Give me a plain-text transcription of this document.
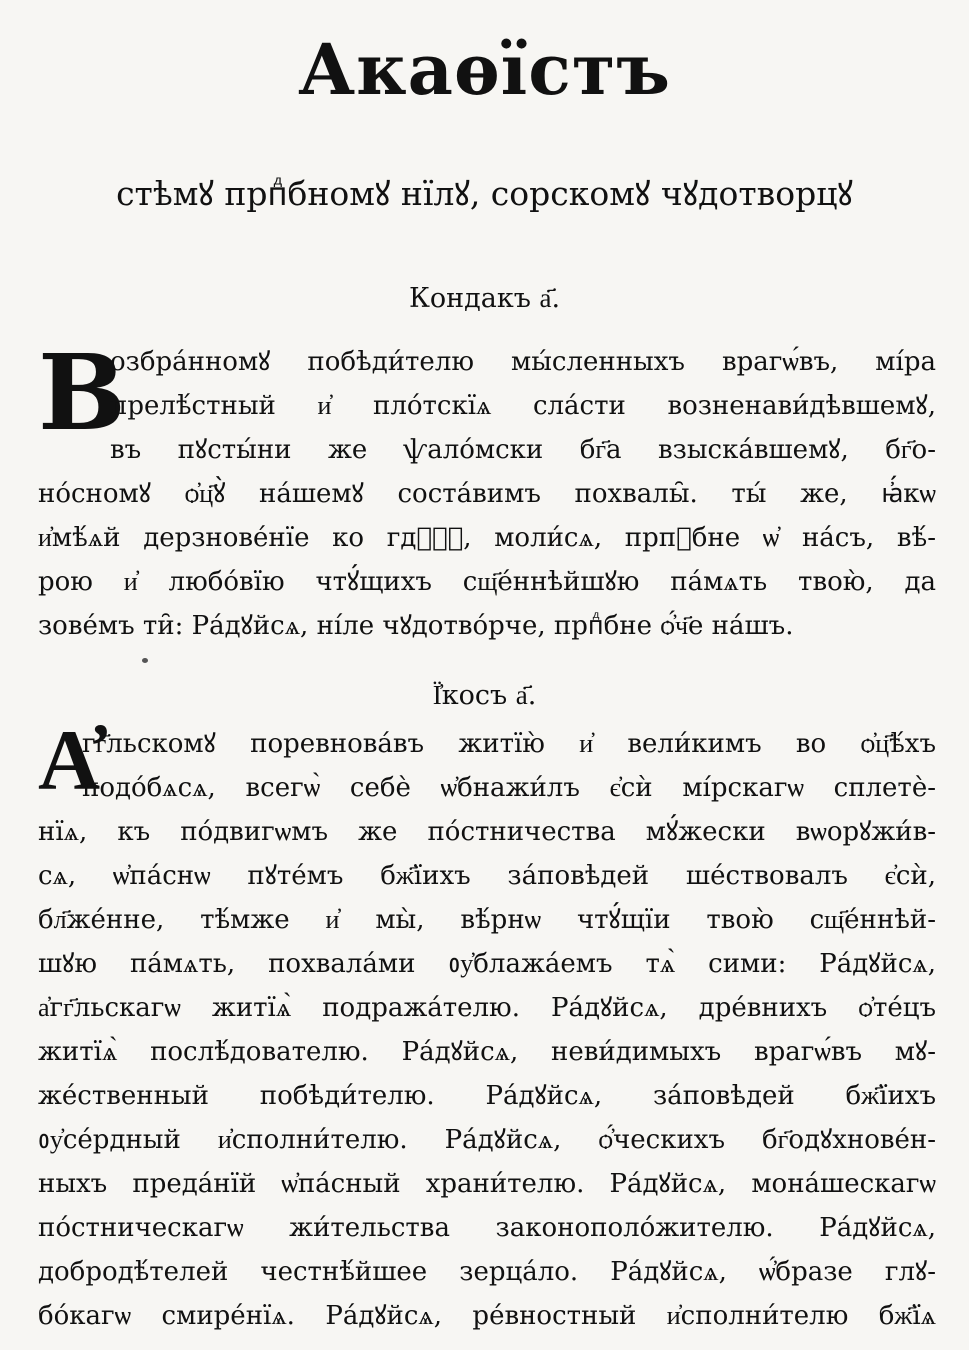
Акаѳїстъ
стѣмꙋ прпⷣбномꙋ нїлꙋ, сорскомꙋ чꙋдотворцꙋ
Кондакъ а҃.
В
озбра́нномꙋ побѣди́телю мы́сленныхъ врагѡ́въ, мі́ра
прелѣ́стный и҆ пло́тскїѧ сла́сти возненави́дѣвшемꙋ,
въ пꙋсты́ни же ѱало́мски бг҃а взыска́вшемꙋ, бг҃о-
но́сномꙋ ѻ҆ц҃ꙋ̀ на́шемꙋ соста́вимъ похвалы̑. ты́ же, ꙗ҆́кѡ
и҆мѣ́ѧй дерзнове́нїе ко гдⷭ҇ꙋ, моли́сѧ, прпⷣбне ѡ҆ на́съ, вѣ́-
рою и҆ любо́вїю чтꙋ́щихъ сщ҃е́ннѣйшꙋю па́мѧть твою̀, да
зове́мъ ти̑: Ра́дꙋйсѧ, ні́ле чꙋдотво́рче, прпⷣбне ѻ҆́ч҃е на́шъ.
Ї҆косъ а҃.
А҆
гг҃льскомꙋ поревнова́въ житїю̀ и҆ вели́кимъ во ѻ҆ц҃ѣ́хъ
подо́бѧсѧ, всегѡ̀ себѐ ѡ҆бнажи́лъ є҆сѝ мі́рскагѡ сплетѐ-
нїѧ, къ по́двигѡмъ же по́стничества мꙋ́жески вѡорꙋжи́в-
сѧ, ѡ҆па́снѡ пꙋте́мъ бж҃їихъ за́повѣдей ше́ствовалъ є҆сѝ,
бл҃же́нне, тѣ́мже и҆ мы̀, вѣ́рнѡ чтꙋ́щїи твою̀ сщ҃е́ннѣй-
шꙋю па́мѧть, похвала́ми ᲂу҆блажа́емъ тѧ̀ сими: Ра́дꙋйсѧ,
а҆гг҃льскагѡ житїѧ̀ подража́телю. Ра́дꙋйсѧ, дре́внихъ ѻ҆те́цъ
житїѧ̀ послѣ́дователю. Ра́дꙋйсѧ, неви́димыхъ врагѡ́въ мꙋ-
же́ственный побѣди́телю. Ра́дꙋйсѧ, за́повѣдей бж҃їихъ
ᲂу҆се́рдный и҆сполни́телю. Ра́дꙋйсѧ, ѻ҆́ческихъ бг҃одꙋхнове́н-
ныхъ преда́нїй ѡ҆па́сный храни́телю. Ра́дꙋйсѧ, мона́шескагѡ
по́стническагѡ жи́тельства законополо́жителю. Ра́дꙋйсѧ,
добродѣ́телей честнѣ́йшее зерца́ло. Ра́дꙋйсѧ, ѡ҆́бразе глꙋ-
бо́кагѡ смире́нїѧ. Ра́дꙋйсѧ, ре́вностный и҆сполни́телю бж҃їѧ
